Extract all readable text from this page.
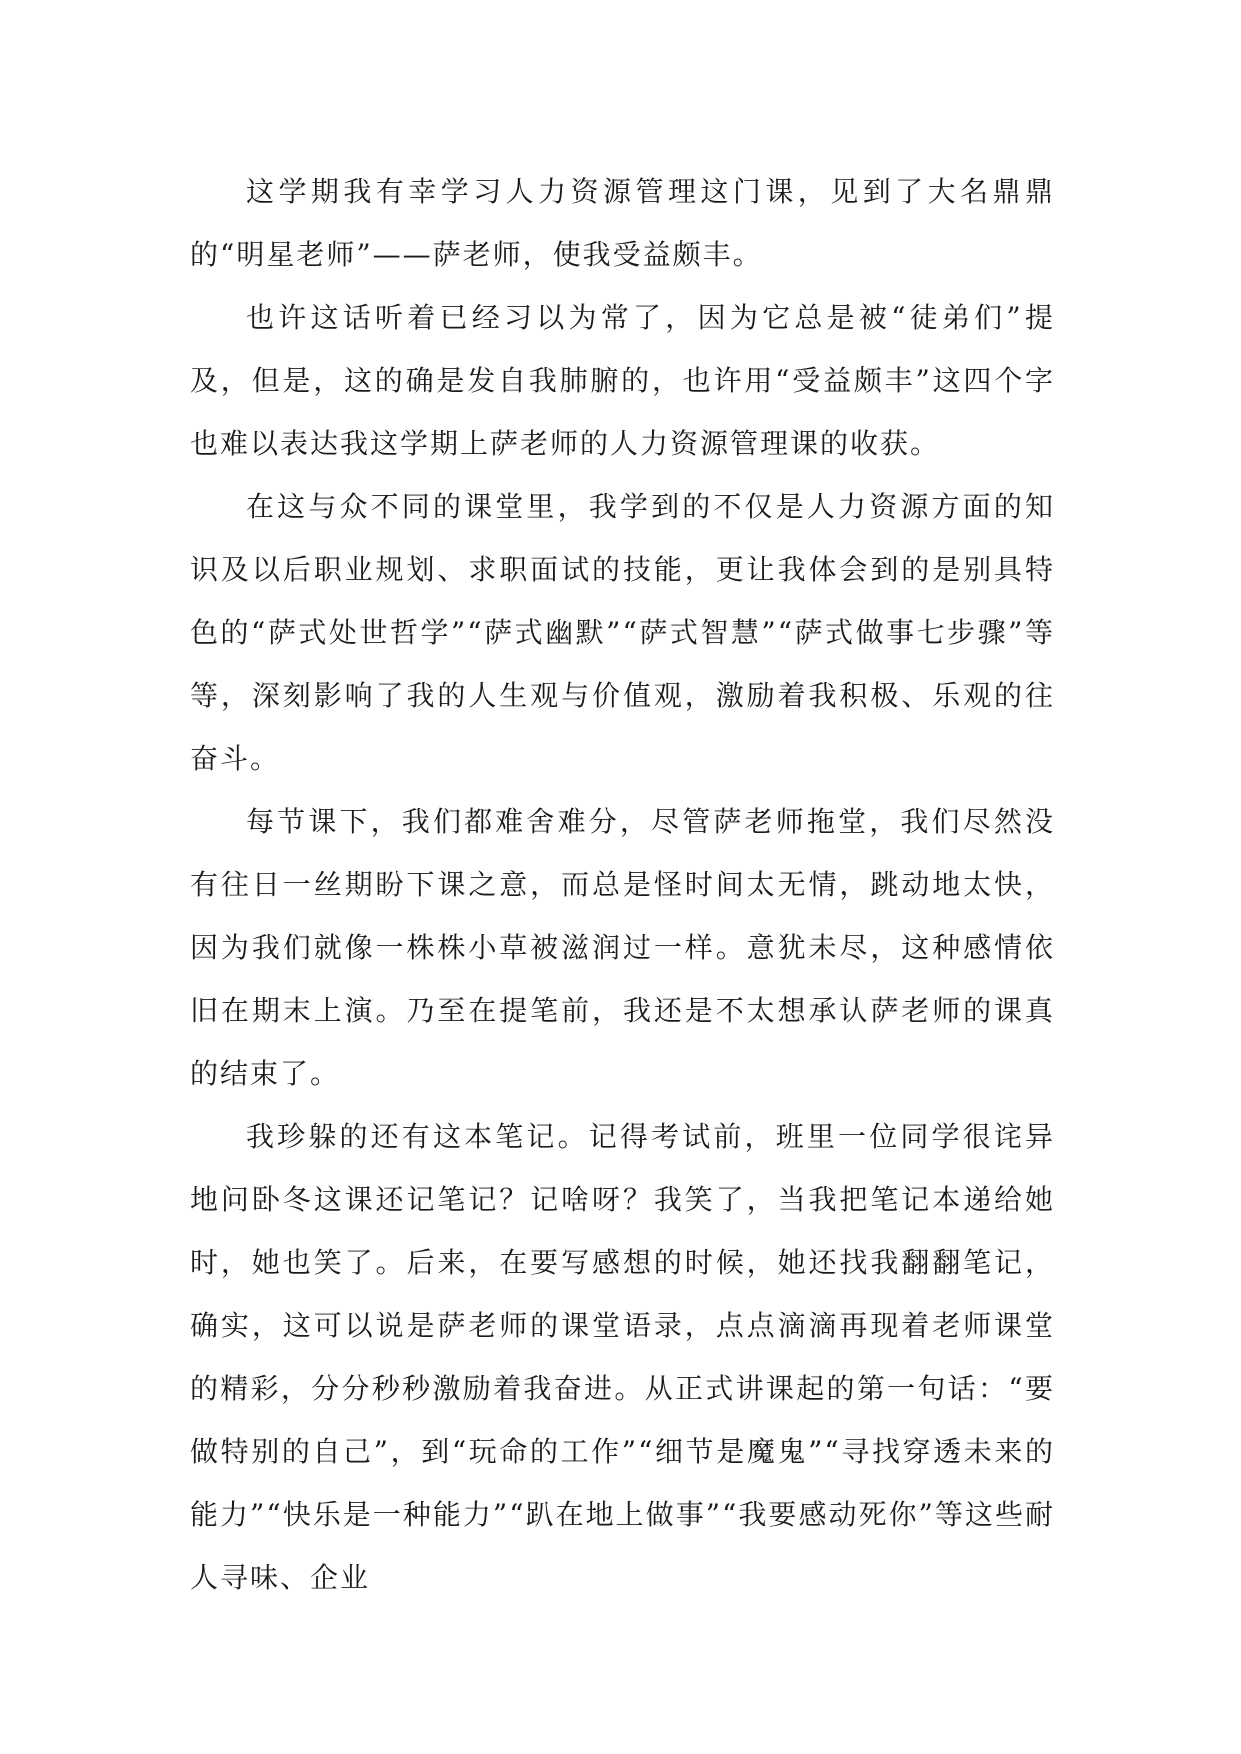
这学期我有幸学习人力资源管理这门课，见到了大名鼎鼎的“明星老师”——萨老师，使我受益颇丰。

也许这话听着已经习以为常了，因为它总是被“徒弟们”提及，但是，这的确是发自我肺腑的，也许用“受益颇丰”这四个字也难以表达我这学期上萨老师的人力资源管理课的收获。

在这与众不同的课堂里，我学到的不仅是人力资源方面的知识及以后职业规划、求职面试的技能，更让我体会到的是别具特色的“萨式处世哲学”“萨式幽默”“萨式智慧”“萨式做事七步骤”等等，深刻影响了我的人生观与价值观，激励着我积极、乐观的往奋斗。

每节课下，我们都难舍难分，尽管萨老师拖堂，我们尽然没有往日一丝期盼下课之意，而总是怪时间太无情，跳动地太快，因为我们就像一株株小草被滋润过一样。意犹未尽，这种感情依旧在期末上演。乃至在提笔前，我还是不太想承认萨老师的课真的结束了。

我珍躲的还有这本笔记。记得考试前，班里一位同学很诧异地问卧冬这课还记笔记？记啥呀？我笑了，当我把笔记本递给她时，她也笑了。后来，在要写感想的时候，她还找我翻翻笔记，确实，这可以说是萨老师的课堂语录，点点滴滴再现着老师课堂的精彩，分分秒秒激励着我奋进。从正式讲课起的第一句话：“要做特别的自己”，到“玩命的工作”“细节是魔鬼”“寻找穿透未来的能力”“快乐是一种能力”“趴在地上做事”“我要感动死你”等这些耐人寻味、企业
